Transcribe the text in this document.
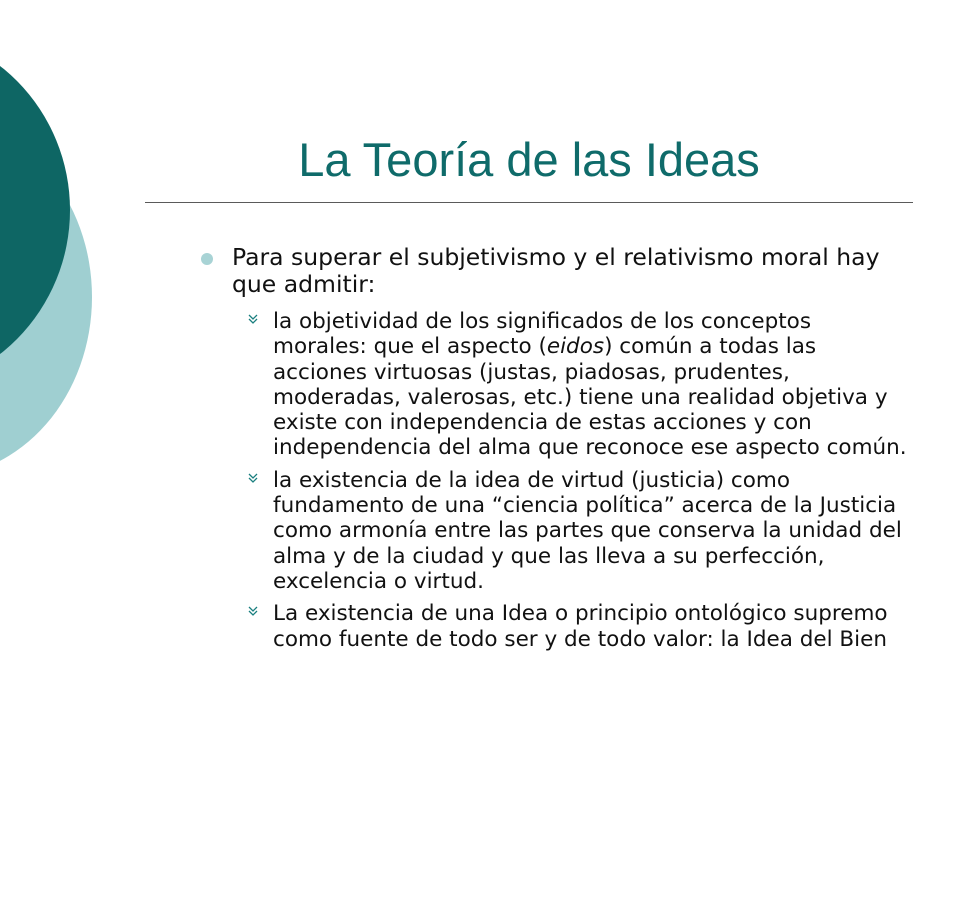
La Teoría de las Ideas
Para superar el subjetivismo y el relativismo moral hay que admitir:
la objetividad de los significados de los conceptos morales: que el aspecto (eidos) común a todas las acciones virtuosas (justas, piadosas, prudentes, moderadas, valerosas, etc.) tiene una realidad objetiva y existe con independencia de estas acciones y con independencia del alma que reconoce ese aspecto común.
la existencia de la idea de virtud (justicia) como fundamento de una “ciencia política” acerca de la Justicia como armonía entre las partes que conserva la unidad del alma y de la ciudad y que las lleva a su perfección, excelencia o virtud.
La existencia de una Idea o principio ontológico supremo como fuente de todo ser y de todo valor: la Idea del Bien
